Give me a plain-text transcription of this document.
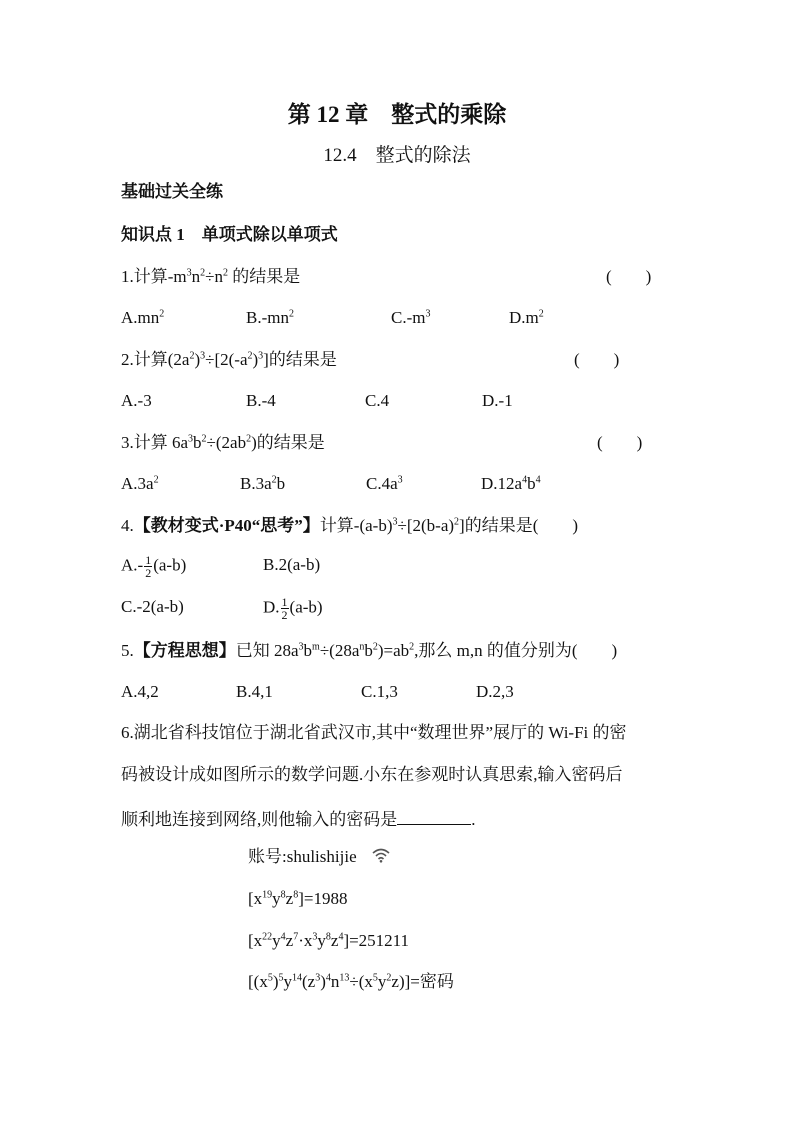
第 12 章　整式的乘除
12.4　整式的除法
基础过关全练
知识点 1　单项式除以单项式
1.计算$-m^3n^2\div n^2$ 的结果是	(　　)
$A.mn^2$	$B.-mn^2$	$C.-m^3$	$D.m^2$
2.计算$(2a^2)^3\div[2(-a^2)^3]$的结果是	(　　)
A.-3	B.-4	C.4	D.-1
3.计算 $6a^3b^2\div(2ab^2)$的结果是	(　　)
$A.3a^2$	$B.3a^2b$	$C.4a^3$	$D.12a^4b^4$
4.【教材变式·P40“思考”】计算$-(a-b)^3\div[2(b-a)^2]$的结果是(　　)
$A.- \frac{1}{2} (a-b)$	B.2(a-b)
C.-2(a-b)	D. $\frac{1}{2} (a-b)$
5.【方程思想】已知 $28a^3b^m\div(28a^nb^2)=ab^2$,那么 m,n 的值分别为(　　)
A.4,2	B.4,1	C.1,3	D.2,3
6.湖北省科技馆位于湖北省武汉市,其中“数理世界”展厅的 Wi-Fi 的密
码被设计成如图所示的数学问题.小东在参观时认真思索,输入密码后
顺利地连接到网络,则他输入的密码是	.
账号:shulishijie
$[x^{19}y^8z^8]=1988$
$[x^{22}y^4z^7\cdot x^3y^8z^4]=251211$
$[(x^5)^5y^{14}(z^3)^4n^{13}\div(x^5y^2z)]=$密码
